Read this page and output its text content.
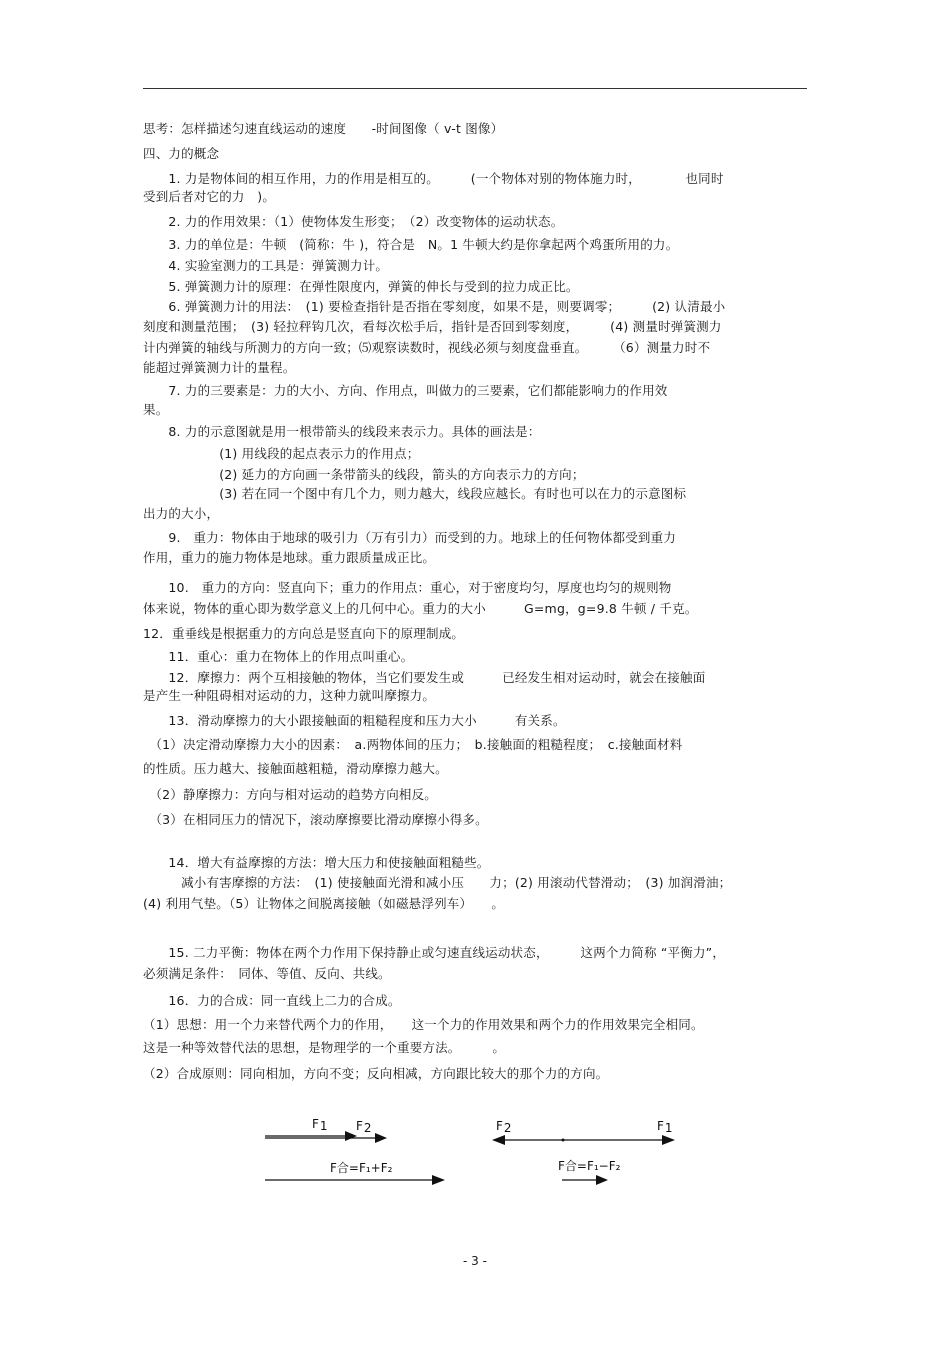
思考：怎样描述匀速直线运动的速度　　-时间图像（ v-t 图像）
四、力的概念
　　1. 力是物体间的相互作用，力的作用是相互的。　　　(一个物体对别的物体施力时，　　　　也同时
受到后者对它的力　)。
　　2. 力的作用效果：（1）使物体发生形变；　（2）改变物体的运动状态。
　　3. 力的单位是：牛顿　(简称：牛 )，符合是　N。1 牛顿大约是你拿起两个鸡蛋所用的力。
　　4. 实验室测力的工具是：弹簧测力计。
　　5. 弹簧测力计的原理：在弹性限度内，弹簧的伸长与受到的拉力成正比。
　　6. 弹簧测力计的用法：　(1) 要检查指针是否指在零刻度，如果不是，则要调零；　　　(2) 认清最小
刻度和测量范围；　(3) 轻拉秤钩几次，看每次松手后，指针是否回到零刻度，　　　(4) 测量时弹簧测力
计内弹簧的轴线与所测力的方向一致；⑸观察读数时，视线必须与刻度盘垂直。　　　（6）测量力时不
能超过弹簧测力计的量程。
　　7. 力的三要素是：力的大小、方向、作用点，叫做力的三要素，它们都能影响力的作用效
果。
　　8. 力的示意图就是用一根带箭头的线段来表示力。具体的画法是：
　　　　　　(1) 用线段的起点表示力的作用点；
　　　　　　(2) 延力的方向画一条带箭头的线段，箭头的方向表示力的方向；
　　　　　　(3) 若在同一个图中有几个力，则力越大，线段应越长。有时也可以在力的示意图标
出力的大小，
　　9.　重力：物体由于地球的吸引力（万有引力）而受到的力。地球上的任何物体都受到重力
作用，重力的施力物体是地球。重力跟质量成正比。
　　10.　重力的方向：竖直向下；重力的作用点：重心，对于密度均匀，厚度也均匀的规则物
体来说，物体的重心即为数学意义上的几何中心。重力的大小　　　G=mg，g=9.8 牛顿 / 千克。
12．重垂线是根据重力的方向总是竖直向下的原理制成。
　　11．重心：重力在物体上的作用点叫重心。
　　12．摩擦力：两个互相接触的物体，当它们要发生或　　　已经发生相对运动时，就会在接触面
是产生一种阻碍相对运动的力，这种力就叫摩擦力。
　　13．滑动摩擦力的大小跟接触面的粗糙程度和压力大小　　　有关系。
　（1）决定滑动摩擦力大小的因素：　a.两物体间的压力；　b.接触面的粗糙程度；　c.接触面材料
的性质。压力越大、接触面越粗糙，滑动摩擦力越大。
　（2）静摩擦力：方向与相对运动的趋势方向相反。
　（3）在相同压力的情况下，滚动摩擦要比滑动摩擦小得多。
　　14．增大有益摩擦的方法：增大压力和使接触面粗糙些。
　　　减小有害摩擦的方法：　(1) 使接触面光滑和减小压　　力；(2) 用滚动代替滑动；　(3) 加润滑油；
(4) 利用气垫。（5）让物体之间脱离接触（如磁悬浮列车）　　。
　　15. 二力平衡：物体在两个力作用下保持静止或匀速直线运动状态，　　　这两个力简称 “平衡力”，
必须满足条件：　同体、等值、反向、共线。
　　16．力的合成：同一直线上二力的合成。
（1）思想：用一个力来替代两个力的作用，　　这一个力的作用效果和两个力的作用效果完全相同。
这是一种等效替代法的思想，是物理学的一个重要方法。　　　。
（2）合成原则：同向相加，方向不变；反向相减，方向跟比较大的那个力的方向。
F1 F2
F合=F₁+F₂
F2	F1
F合=F₁−F₂
- 3 -
